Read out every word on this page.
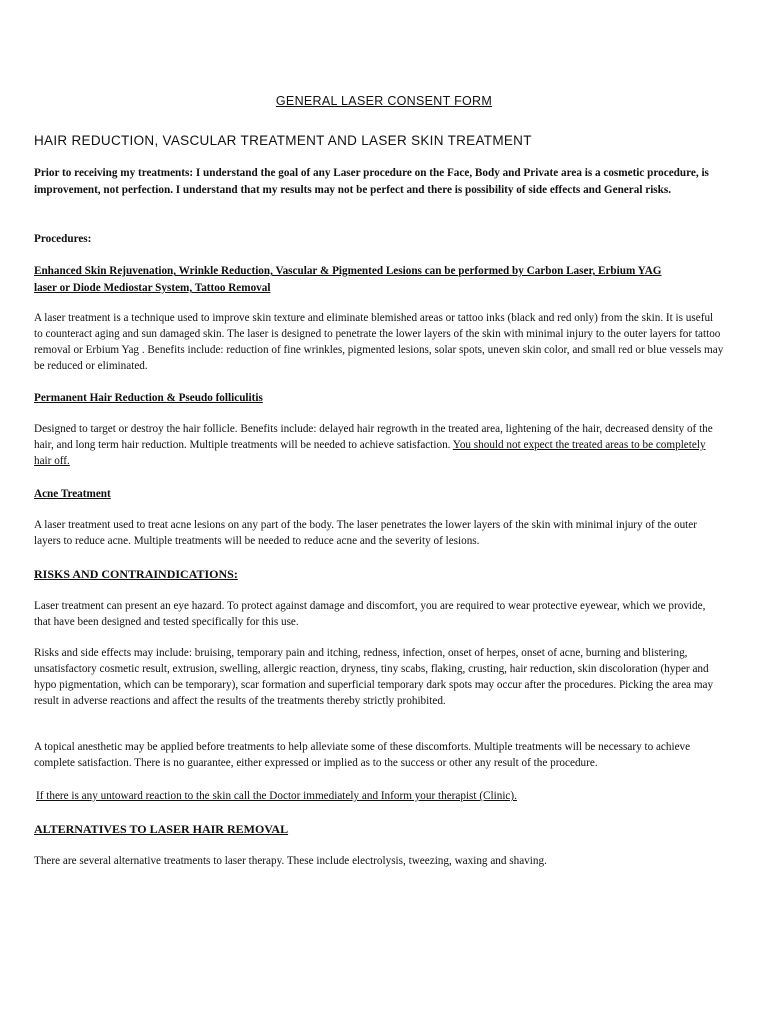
GENERAL LASER CONSENT FORM

HAIR REDUCTION, VASCULAR TREATMENT AND LASER SKIN TREATMENT

Prior to receiving my treatments: I understand the goal of any Laser procedure on the Face, Body and Private area is a cosmetic procedure, is improvement, not perfection. I understand that my results may not be perfect and there is possibility of side effects and General risks.

Procedures:

Enhanced Skin Rejuvenation, Wrinkle Reduction, Vascular & Pigmented Lesions can be performed by Carbon Laser, Erbium YAG laser or Diode Mediostar System, Tattoo Removal

A laser treatment is a technique used to improve skin texture and eliminate blemished areas or tattoo inks (black and red only) from the skin. It is useful to counteract aging and sun damaged skin. The laser is designed to penetrate the lower layers of the skin with minimal injury to the outer layers for tattoo removal or Erbium Yag . Benefits include: reduction of fine wrinkles, pigmented lesions, solar spots, uneven skin color, and small red or blue vessels may be reduced or eliminated.

Permanent Hair Reduction & Pseudo folliculitis

Designed to target or destroy the hair follicle. Benefits include: delayed hair regrowth in the treated area, lightening of the hair, decreased density of the hair, and long term hair reduction. Multiple treatments will be needed to achieve satisfaction. You should not expect the treated areas to be completely hair off.

Acne Treatment

A laser treatment used to treat acne lesions on any part of the body. The laser penetrates the lower layers of the skin with minimal injury of the outer layers to reduce acne. Multiple treatments will be needed to reduce acne and the severity of lesions.

RISKS AND CONTRAINDICATIONS:

Laser treatment can present an eye hazard. To protect against damage and discomfort, you are required to wear protective eyewear, which we provide, that have been designed and tested specifically for this use.

Risks and side effects may include: bruising, temporary pain and itching, redness, infection, onset of herpes, onset of acne, burning and blistering, unsatisfactory cosmetic result, extrusion, swelling, allergic reaction, dryness, tiny scabs, flaking, crusting, hair reduction, skin discoloration (hyper and hypo pigmentation, which can be temporary), scar formation and superficial temporary dark spots may occur after the procedures. Picking the area may result in adverse reactions and affect the results of the treatments thereby strictly prohibited.

A topical anesthetic may be applied before treatments to help alleviate some of these discomforts. Multiple treatments will be necessary to achieve complete satisfaction. There is no guarantee, either expressed or implied as to the success or other any result of the procedure.

If there is any untoward reaction to the skin call the Doctor immediately and Inform your therapist (Clinic).

ALTERNATIVES TO LASER HAIR REMOVAL

There are several alternative treatments to laser therapy. These include electrolysis, tweezing, waxing and shaving.
